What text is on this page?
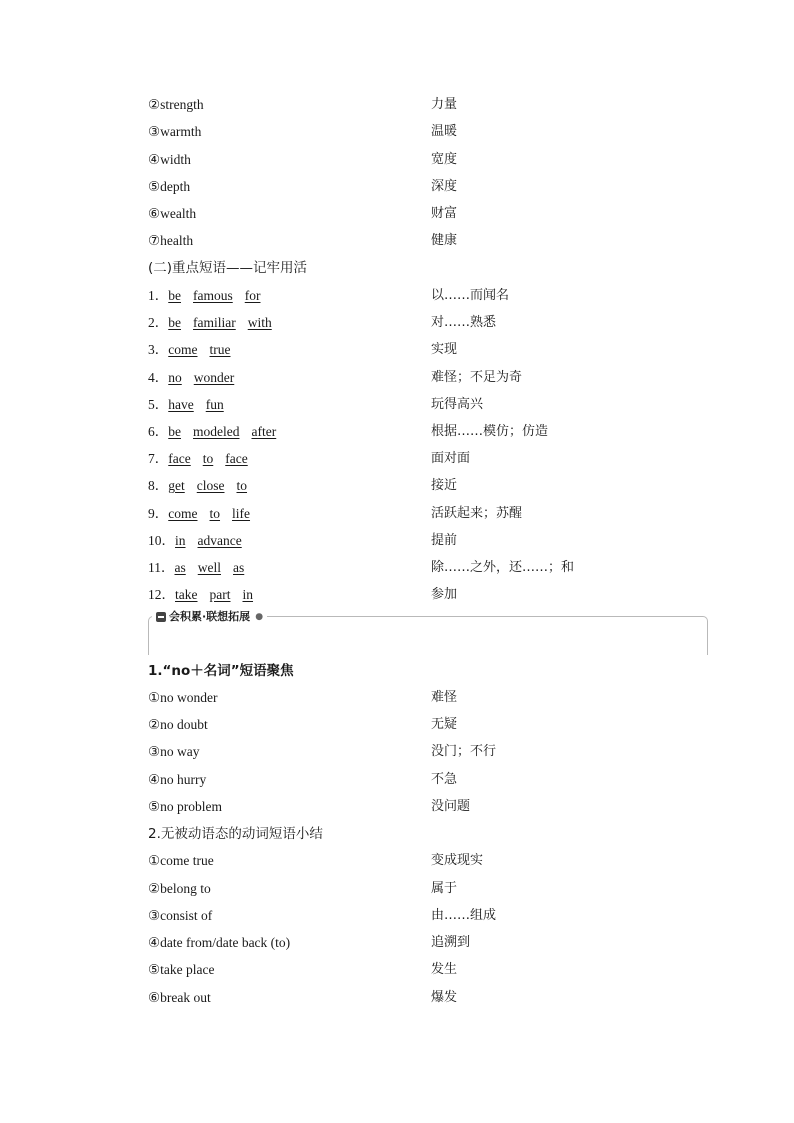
②strength	力量
③warmth	温暖
④width	宽度
⑤depth	深度
⑥wealth	财富
⑦health	健康
(二)重点短语——记牢用活
1．be famous for	以……而闻名
2．be familiar with	对……熟悉
3．come true	实现
4．no wonder	难怪；不足为奇
5．have fun	玩得高兴
6．be modeled after	根据……模仿；仿造
7．face to face	面对面
8．get close to	接近
9．come to life	活跃起来；苏醒
10．in advance	提前
11．as well as	除……之外，还……；和
12．take part in	参加
会积累·联想拓展 ●
1.“no＋名词”短语聚焦
①no wonder	难怪
②no doubt	无疑
③no way	没门；不行
④no hurry	不急
⑤no problem	没问题
2.无被动语态的动词短语小结
①come true	变成现实
②belong to	属于
③consist of	由……组成
④date from/date back (to)	追溯到
⑤take place	发生
⑥break out	爆发
